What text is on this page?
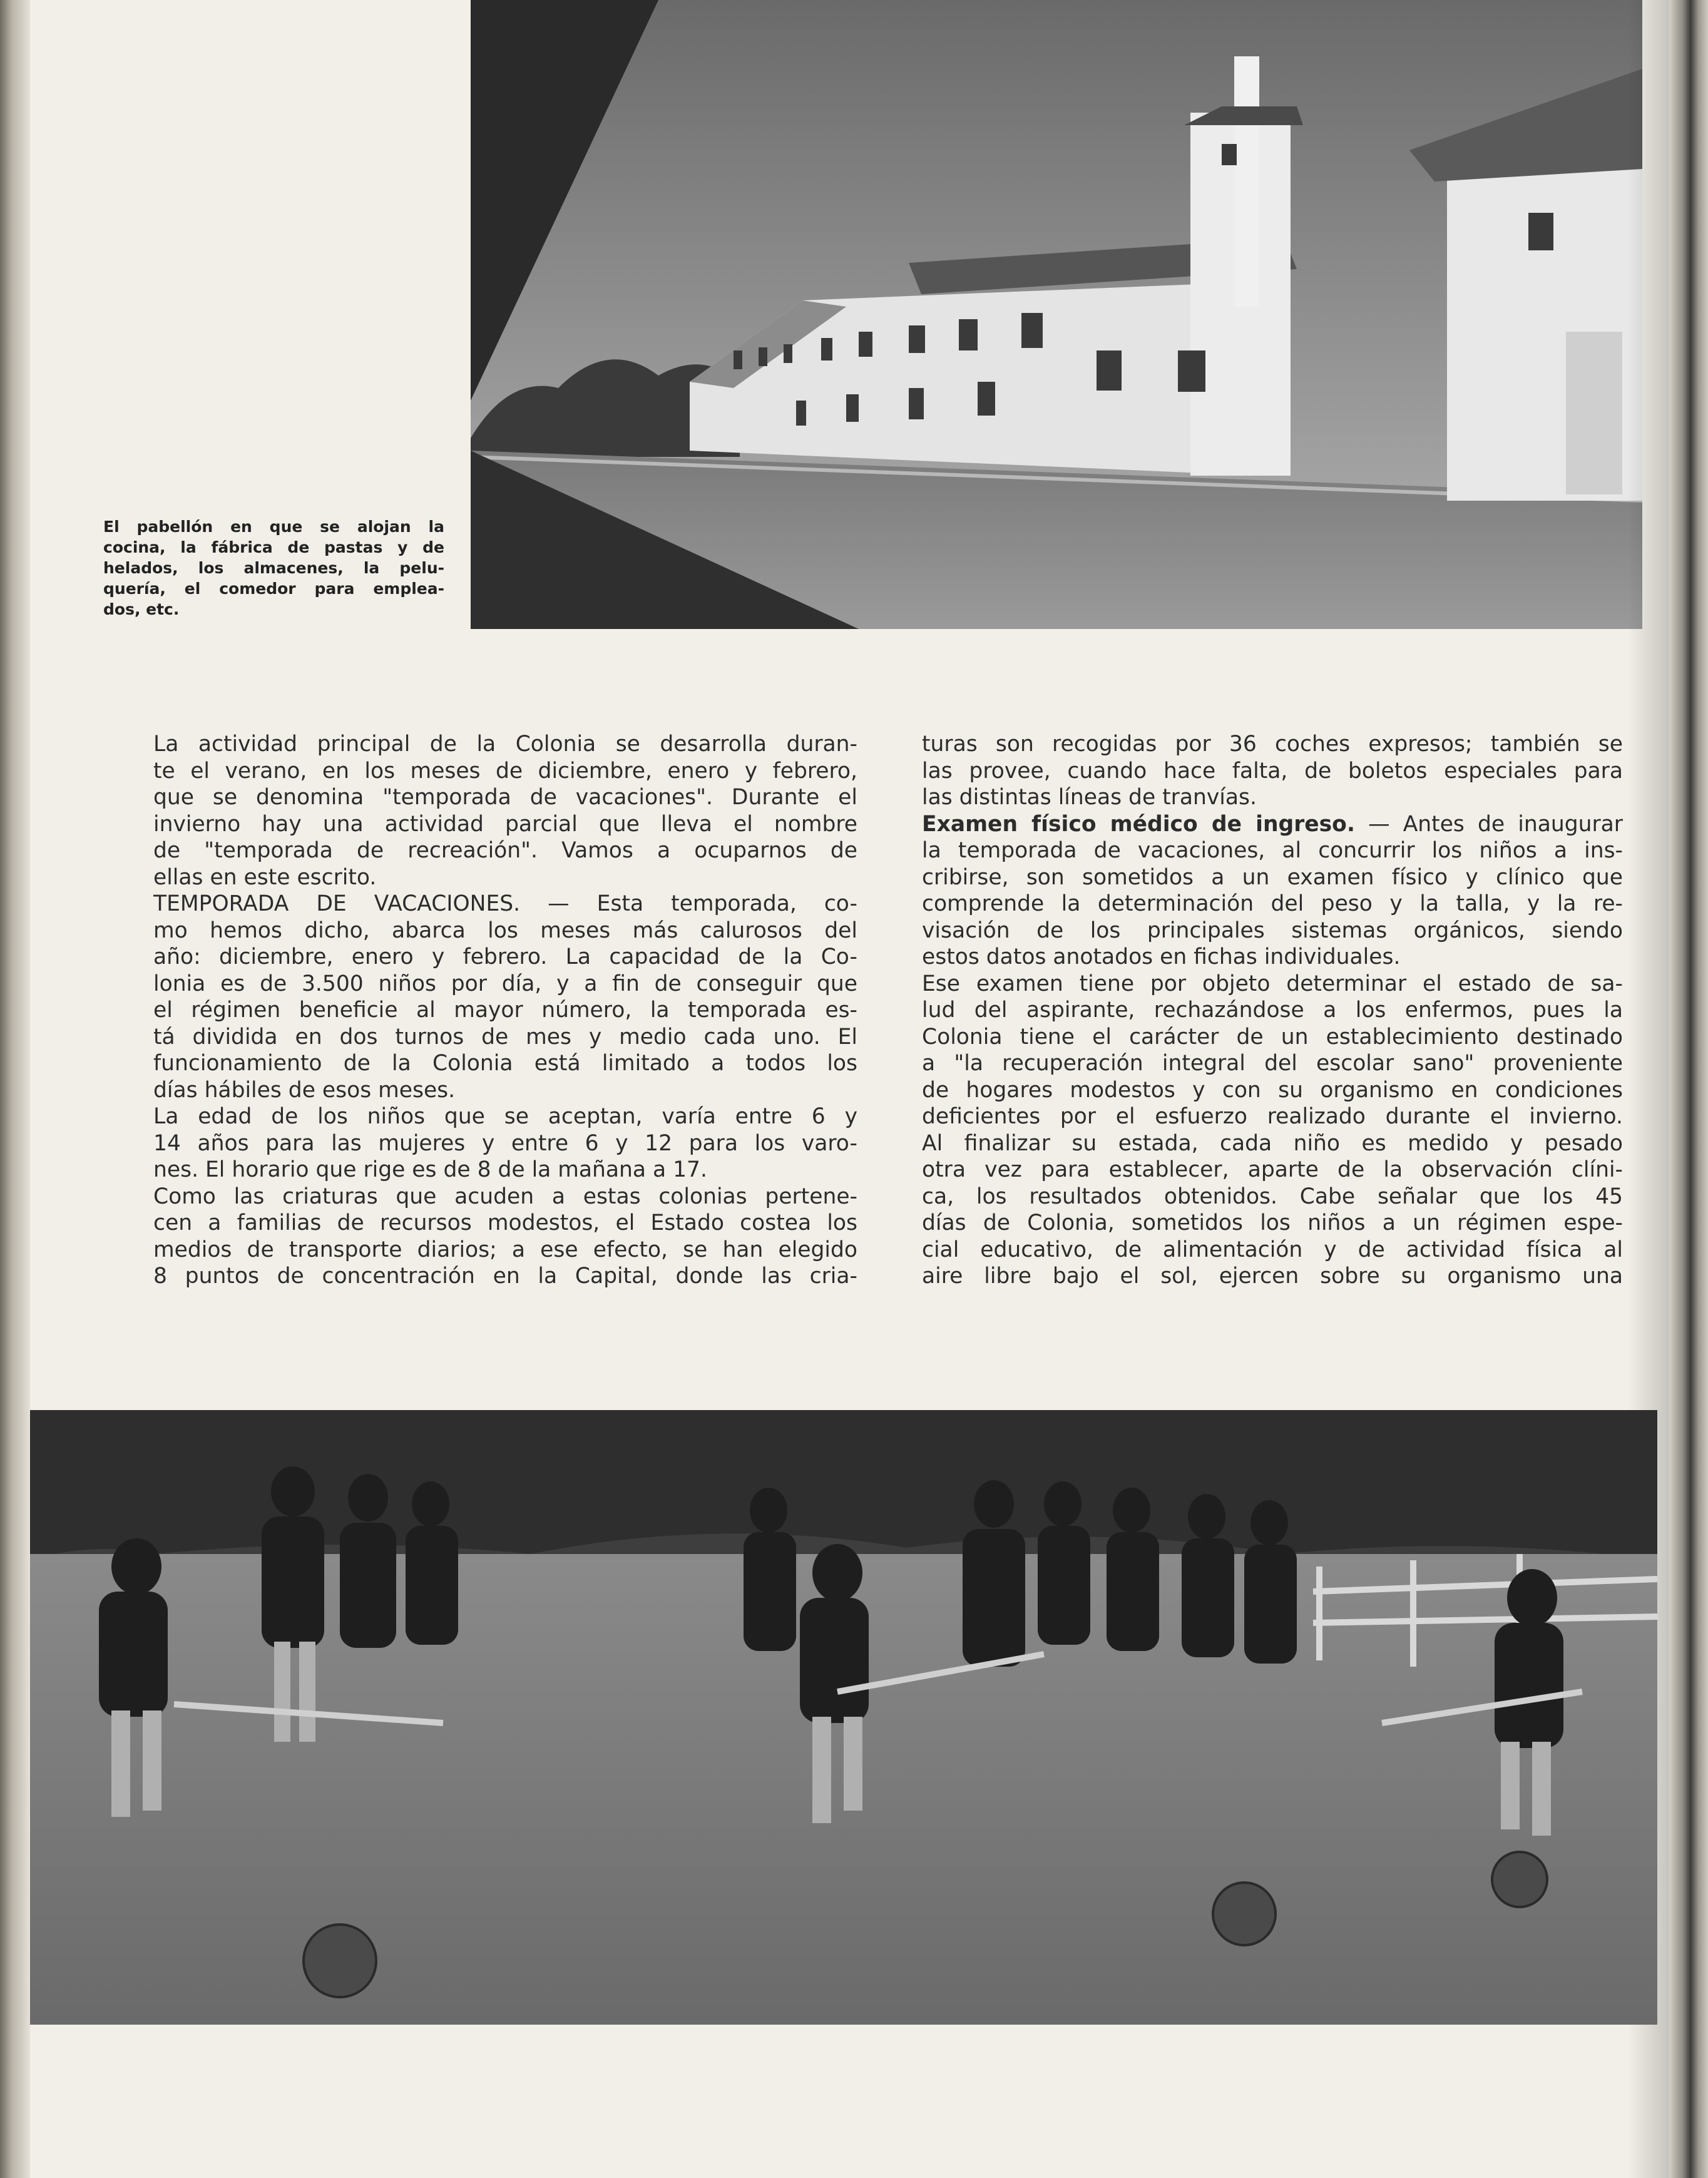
El pabellón en que se alojan la
cocina, la fábrica de pastas y de
helados, los almacenes, la pelu-
quería, el comedor para emplea-
dos, etc.
La actividad principal de la Colonia se desarrolla duran-
te el verano, en los meses de diciembre, enero y febrero,
que se denomina "temporada de vacaciones". Durante el
invierno hay una actividad parcial que lleva el nombre
de "temporada de recreación". Vamos a ocuparnos de
ellas en este escrito.
TEMPORADA DE VACACIONES. — Esta temporada, co-
mo hemos dicho, abarca los meses más calurosos del
año: diciembre, enero y febrero. La capacidad de la Co-
lonia es de 3.500 niños por día, y a fin de conseguir que
el régimen beneficie al mayor número, la temporada es-
tá dividida en dos turnos de mes y medio cada uno. El
funcionamiento de la Colonia está limitado a todos los
días hábiles de esos meses.
La edad de los niños que se aceptan, varía entre 6 y
14 años para las mujeres y entre 6 y 12 para los varo-
nes. El horario que rige es de 8 de la mañana a 17.
Como las criaturas que acuden a estas colonias pertene-
cen a familias de recursos modestos, el Estado costea los
medios de transporte diarios; a ese efecto, se han elegido
8 puntos de concentración en la Capital, donde las cria-
turas son recogidas por 36 coches expresos; también se
las provee, cuando hace falta, de boletos especiales para
las distintas líneas de tranvías.
Examen físico médico de ingreso. — Antes de inaugurar
la temporada de vacaciones, al concurrir los niños a ins-
cribirse, son sometidos a un examen físico y clínico que
comprende la determinación del peso y la talla, y la re-
visación de los principales sistemas orgánicos, siendo
estos datos anotados en fichas individuales.
Ese examen tiene por objeto determinar el estado de sa-
lud del aspirante, rechazándose a los enfermos, pues la
Colonia tiene el carácter de un establecimiento destinado
a "la recuperación integral del escolar sano" proveniente
de hogares modestos y con su organismo en condiciones
deficientes por el esfuerzo realizado durante el invierno.
Al finalizar su estada, cada niño es medido y pesado
otra vez para establecer, aparte de la observación clíni-
ca, los resultados obtenidos. Cabe señalar que los 45
días de Colonia, sometidos los niños a un régimen espe-
cial educativo, de alimentación y de actividad física al
aire libre bajo el sol, ejercen sobre su organismo una
